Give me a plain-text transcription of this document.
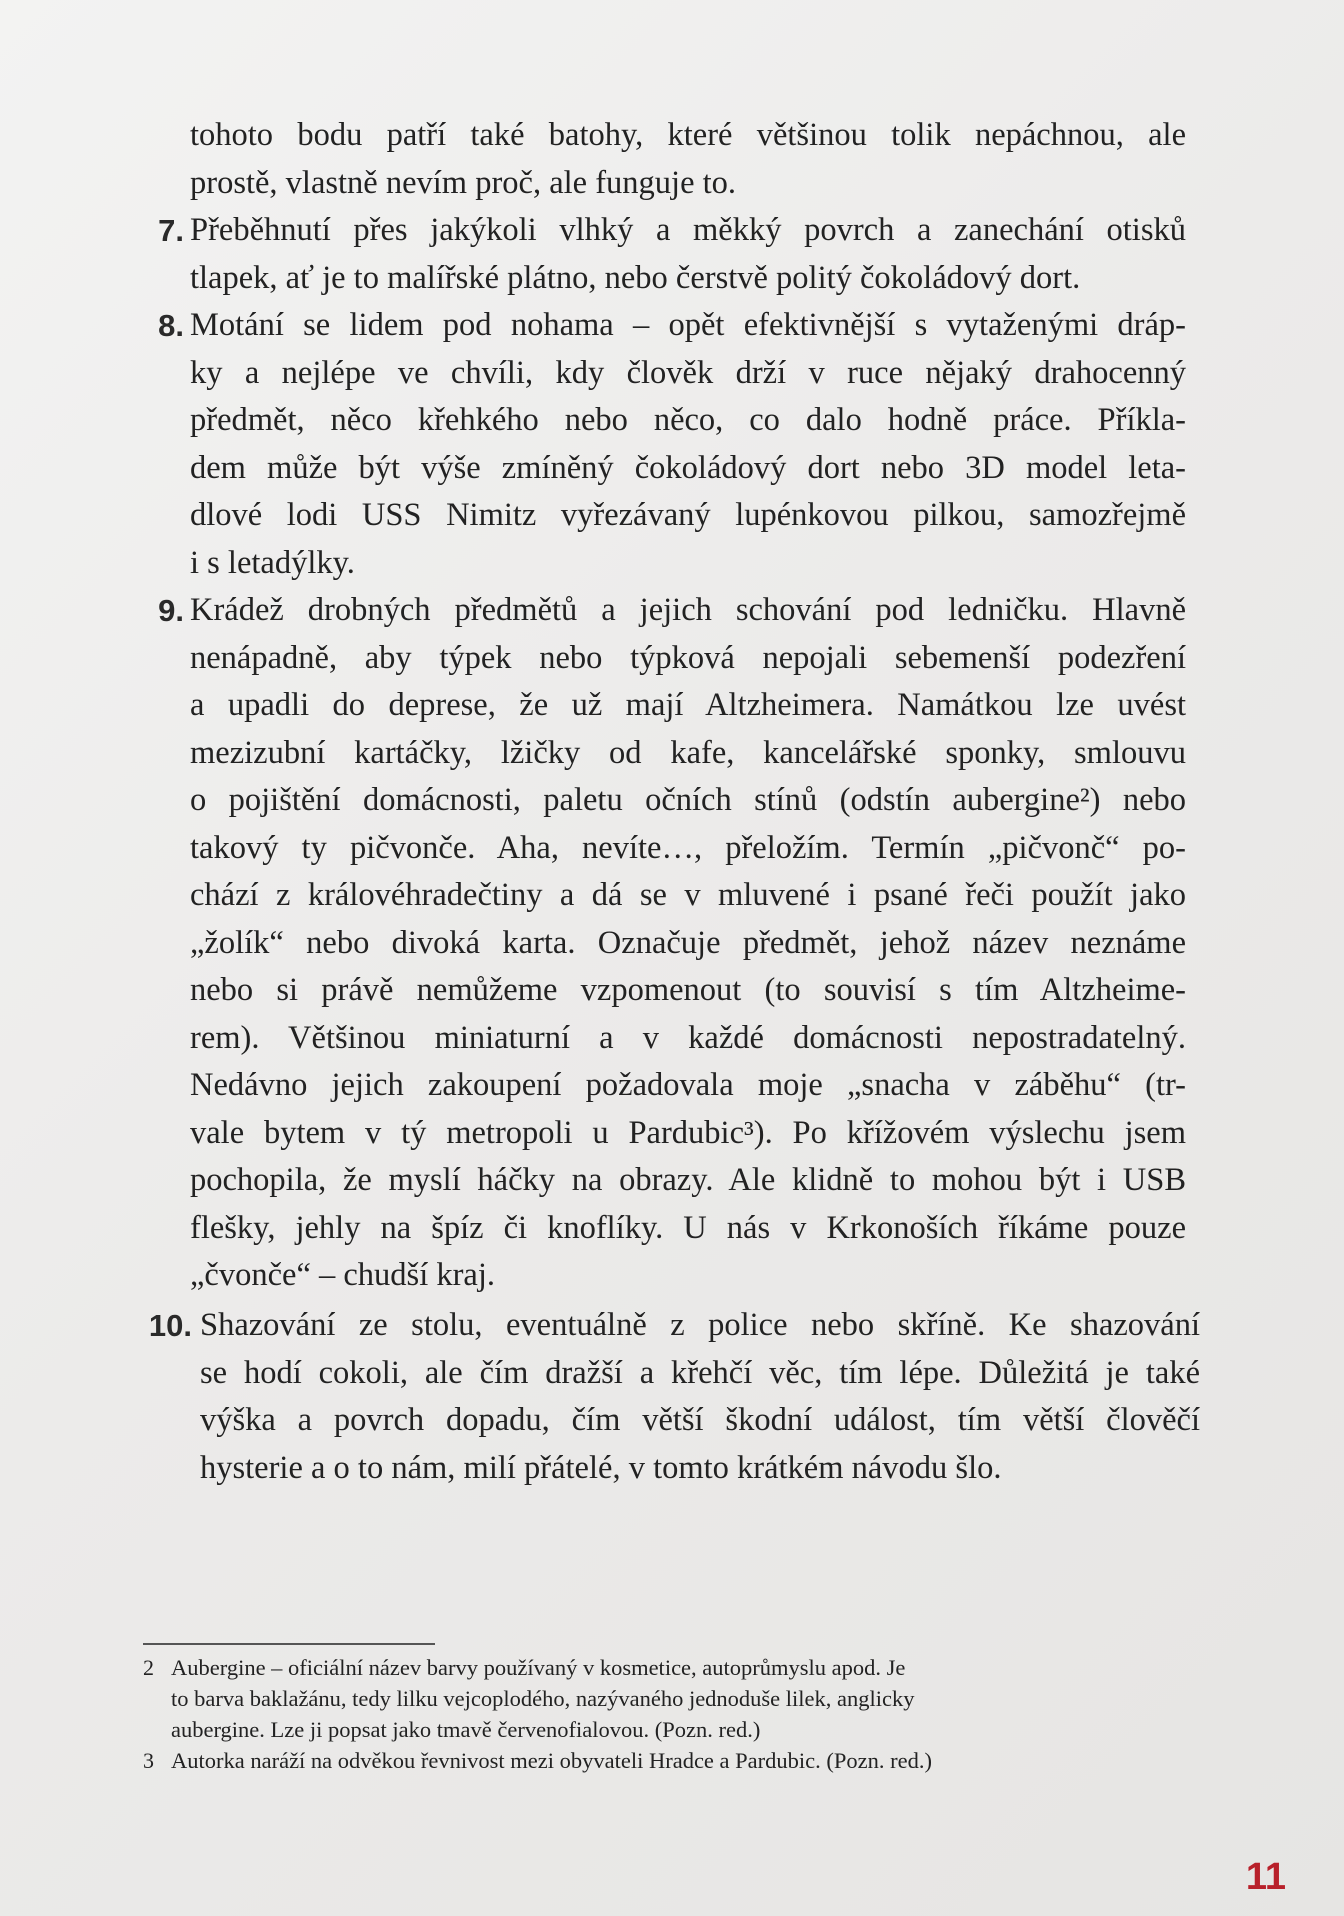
tohoto bodu patří také batohy, které většinou tolik nepáchnou, ale
prostě, vlastně nevím proč, ale funguje to.
7. Přeběhnutí přes jakýkoli vlhký a měkký povrch a zanechání otisků
tlapek, ať je to malířské plátno, nebo čerstvě politý čokoládový dort.
8. Motání se lidem pod nohama – opět efektivnější s vytaženými dráp-
ky a nejlépe ve chvíli, kdy člověk drží v ruce nějaký drahocenný
předmět, něco křehkého nebo něco, co dalo hodně práce. Příkla-
dem může být výše zmíněný čokoládový dort nebo 3D model leta-
dlové lodi USS Nimitz vyřezávaný lupénkovou pilkou, samozřejmě
i s letadýlky.
9. Krádež drobných předmětů a jejich schování pod ledničku. Hlavně
nenápadně, aby týpek nebo týpková nepojali sebemenší podezření
a upadli do deprese, že už mají Altzheimera. Namátkou lze uvést
mezizubní kartáčky, lžičky od kafe, kancelářské sponky, smlouvu
o pojištění domácnosti, paletu očních stínů (odstín aubergine²) nebo
takový ty pičvonče. Aha, nevíte…, přeložím. Termín „pičvonč“ po-
chází z královéhradečtiny a dá se v mluvené i psané řeči použít jako
„žolík“ nebo divoká karta. Označuje předmět, jehož název neznáme
nebo si právě nemůžeme vzpomenout (to souvisí s tím Altzheime-
rem). Většinou miniaturní a v každé domácnosti nepostradatelný.
Nedávno jejich zakoupení požadovala moje „snacha v záběhu“ (tr-
vale bytem v tý metropoli u Pardubic³). Po křížovém výslechu jsem
pochopila, že myslí háčky na obrazy. Ale klidně to mohou být i USB
flešky, jehly na špíz či knoflíky. U nás v Krkonoších říkáme pouze
„čvonče“ – chudší kraj.
10. Shazování ze stolu, eventuálně z police nebo skříně. Ke shazování
se hodí cokoli, ale čím dražší a křehčí věc, tím lépe. Důležitá je také
výška a povrch dopadu, čím větší škodní událost, tím větší člověčí
hysterie a o to nám, milí přátelé, v tomto krátkém návodu šlo.
2 Aubergine – oficiální název barvy používaný v kosmetice, autoprůmyslu apod. Je
to barva baklažánu, tedy lilku vejcoplodého, nazývaného jednoduše lilek, anglicky
aubergine. Lze ji popsat jako tmavě červenofialovou. (Pozn. red.)
3 Autorka naráží na odvěkou řevnivost mezi obyvateli Hradce a Pardubic. (Pozn. red.)
11
